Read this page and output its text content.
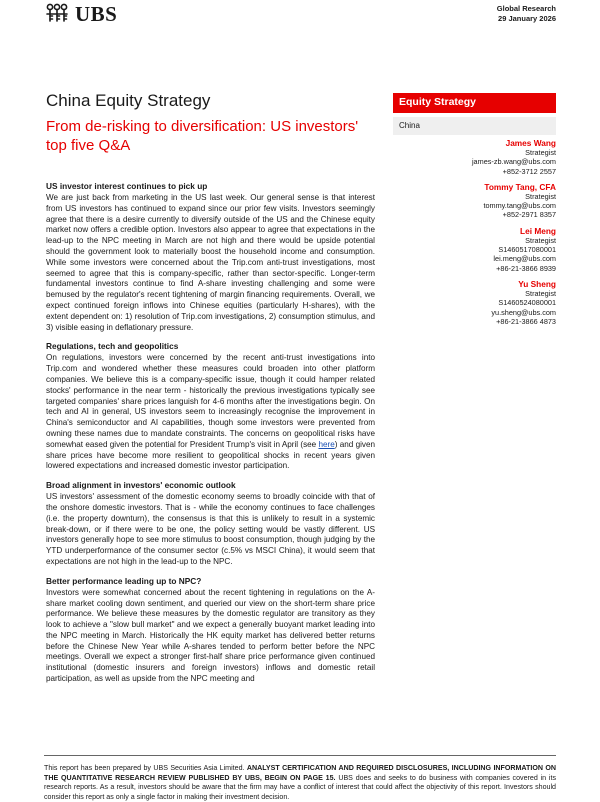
UBS	Global Research
29 January 2026
China Equity Strategy
From de-risking to diversification: US investors' top five Q&A
Equity Strategy
China
James Wang
Strategist
james-zb.wang@ubs.com
+852-3712 2557
Tommy Tang, CFA
Strategist
tommy.tang@ubs.com
+852-2971 8357
Lei Meng
Strategist
S1460517080001
lei.meng@ubs.com
+86-21-3866 8939
Yu Sheng
Strategist
S1460524080001
yu.sheng@ubs.com
+86-21-3866 4873
US investor interest continues to pick up

We are just back from marketing in the US last week. Our general sense is that interest from US investors has continued to expand since our prior few visits. Investors seemingly agree that there is a desire currently to diversify outside of the US and the Chinese equity market now offers a credible option. Investors also appear to agree that expectations in the lead-up to the NPC meeting in March are not high and there would be upside potential should the government look to materially boost the household income and consumption. While some investors were concerned about the Trip.com anti-trust investigations, most seemed to agree that this is company-specific, rather than sector-specific. Longer-term fundamental investors continue to find A-share investing challenging and some were bemused by the regulator's recent tightening of margin financing requirements. Overall, we expect continued foreign inflows into Chinese equities (particularly H-shares), with the extent dependent on: 1) resolution of Trip.com investigations, 2) consumption stimulus, and 3) visible easing in deflationary pressure.

Regulations, tech and geopolitics

On regulations, investors were concerned by the recent anti-trust investigations into Trip.com and wondered whether these measures could broaden into other platform companies. We believe this is a company-specific issue, though it could hamper related stocks' performance in the near term - historically the previous investigations typically see targeted companies' share prices languish for 4-6 months after the investigations begin. On tech and AI in general, US investors seem to increasingly recognise the improvement in China's semiconductor and AI capabilities, though some investors were prevented from owning these names due to mandate constraints. The concerns on geopolitical risks have somewhat eased given the potential for President Trump's visit in April (see here) and given share prices have become more resilient to geopolitical shocks in recent years given lowered expectations and increased domestic investor participation.

Broad alignment in investors' economic outlook

US investors' assessment of the domestic economy seems to broadly coincide with that of the onshore domestic investors. That is - while the economy continues to face challenges (i.e. the property downturn), the consensus is that this is unlikely to result in a systemic break-down, or if there were to be one, the policy setting would be vastly different. US investors generally hope to see more stimulus to boost consumption, though judging by the YTD underperformance of the consumer sector (c.5% vs MSCI China), it would seem that expectations are not high in the lead-up to the NPC.

Better performance leading up to NPC?

Investors were somewhat concerned about the recent tightening in regulations on the A-share market cooling down sentiment, and queried our view on the short-term share price performance. We believe these measures by the domestic regulator are transitory as they look to achieve a "slow bull market" and we expect a generally buoyant market leading into the NPC meeting in March. Historically the HK equity market has delivered better returns before the Chinese New Year while A-shares tended to perform better before the NPC meetings. Overall we expect a stronger first-half share price performance given continued institutional (domestic insurers and foreign investors) inflows and domestic retail participation, as well as upside from the NPC meeting and

This report has been prepared by UBS Securities Asia Limited. ANALYST CERTIFICATION AND REQUIRED DISCLOSURES, INCLUDING INFORMATION ON THE QUANTITATIVE RESEARCH REVIEW PUBLISHED BY UBS, BEGIN ON PAGE 15. UBS does and seeks to do business with companies covered in its research reports. As a result, investors should be aware that the firm may have a conflict of interest that could affect the objectivity of this report. Investors should consider this report as only a single factor in making their investment decision.
